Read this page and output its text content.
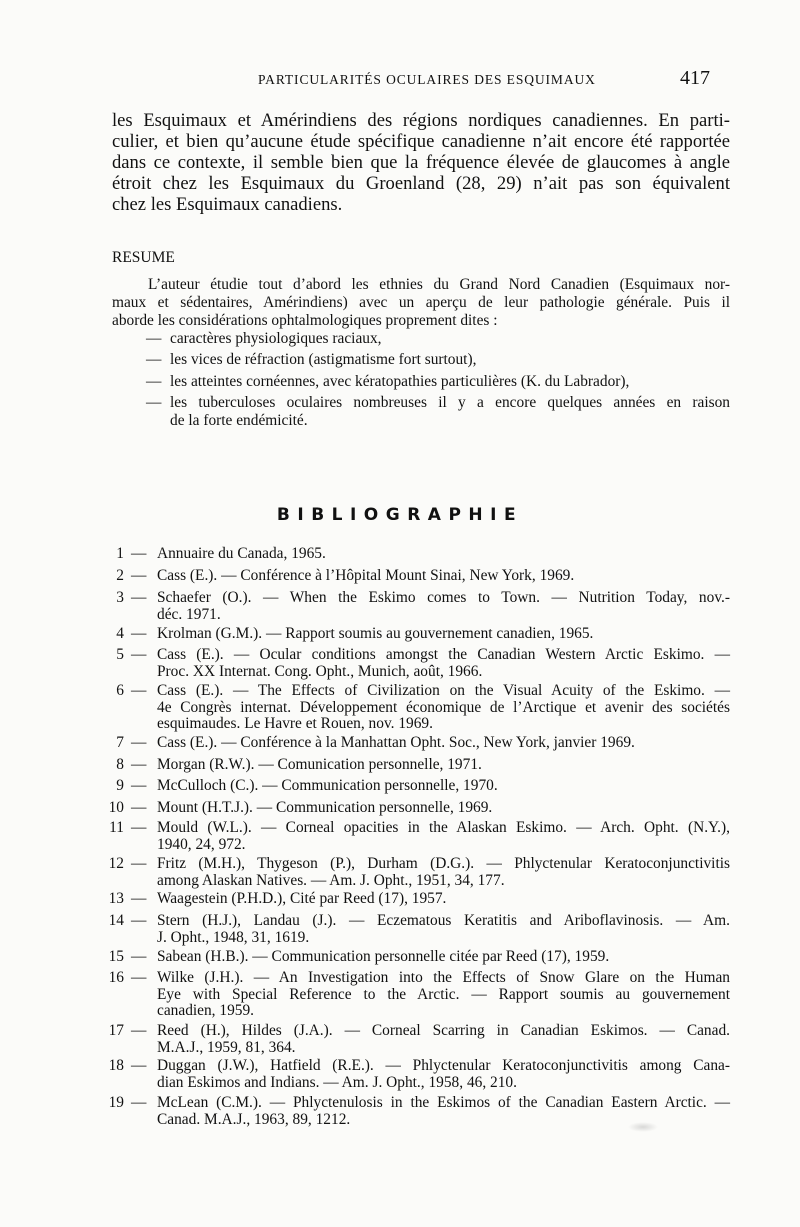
PARTICULARITÉS OCULAIRES DES ESQUIMAUX	417
les Esquimaux et Amérindiens des régions nordiques canadiennes. En parti-
culier, et bien qu’aucune étude spécifique canadienne n’ait encore été rapportée
dans ce contexte, il semble bien que la fréquence élevée de glaucomes à angle
étroit chez les Esquimaux du Groenland (28, 29) n’ait pas son équivalent
chez les Esquimaux canadiens.
RESUME
L’auteur étudie tout d’abord les ethnies du Grand Nord Canadien (Esquimaux nor-
maux et sédentaires, Amérindiens) avec un aperçu de leur pathologie générale. Puis il
aborde les considérations ophtalmologiques proprement dites :
— caractères physiologiques raciaux,
— les vices de réfraction (astigmatisme fort surtout),
— les atteintes cornéennes, avec kératopathies particulières (K. du Labrador),
— les tuberculoses oculaires nombreuses il y a encore quelques années en raison
de la forte endémicité.
BIBLIOGRAPHIE
1 — Annuaire du Canada, 1965.
2 — Cass (E.). — Conférence à l’Hôpital Mount Sinai, New York, 1969.
3 — Schaefer (O.). — When the Eskimo comes to Town. — Nutrition Today, nov.-
déc. 1971.
4 — Krolman (G.M.). — Rapport soumis au gouvernement canadien, 1965.
5 — Cass (E.). — Ocular conditions amongst the Canadian Western Arctic Eskimo. —
Proc. XX Internat. Cong. Opht., Munich, août, 1966.
6 — Cass (E.). — The Effects of Civilization on the Visual Acuity of the Eskimo. —
4e Congrès internat. Développement économique de l’Arctique et avenir des sociétés
esquimaudes. Le Havre et Rouen, nov. 1969.
7 — Cass (E.). — Conférence à la Manhattan Opht. Soc., New York, janvier 1969.
8 — Morgan (R.W.). — Comunication personnelle, 1971.
9 — McCulloch (C.). — Communication personnelle, 1970.
10 — Mount (H.T.J.). — Communication personnelle, 1969.
11 — Mould (W.L.). — Corneal opacities in the Alaskan Eskimo. — Arch. Opht. (N.Y.),
1940, 24, 972.
12 — Fritz (M.H.), Thygeson (P.), Durham (D.G.). — Phlyctenular Keratoconjunctivitis
among Alaskan Natives. — Am. J. Opht., 1951, 34, 177.
13 — Waagestein (P.H.D.), Cité par Reed (17), 1957.
14 — Stern (H.J.), Landau (J.). — Eczematous Keratitis and Ariboflavinosis. — Am.
J. Opht., 1948, 31, 1619.
15 — Sabean (H.B.). — Communication personnelle citée par Reed (17), 1959.
16 — Wilke (J.H.). — An Investigation into the Effects of Snow Glare on the Human
Eye with Special Reference to the Arctic. — Rapport soumis au gouvernement
canadien, 1959.
17 — Reed (H.), Hildes (J.A.). — Corneal Scarring in Canadian Eskimos. — Canad.
M.A.J., 1959, 81, 364.
18 — Duggan (J.W.), Hatfield (R.E.). — Phlyctenular Keratoconjunctivitis among Cana-
dian Eskimos and Indians. — Am. J. Opht., 1958, 46, 210.
19 — McLean (C.M.). — Phlyctenulosis in the Eskimos of the Canadian Eastern Arctic. —
Canad. M.A.J., 1963, 89, 1212.
